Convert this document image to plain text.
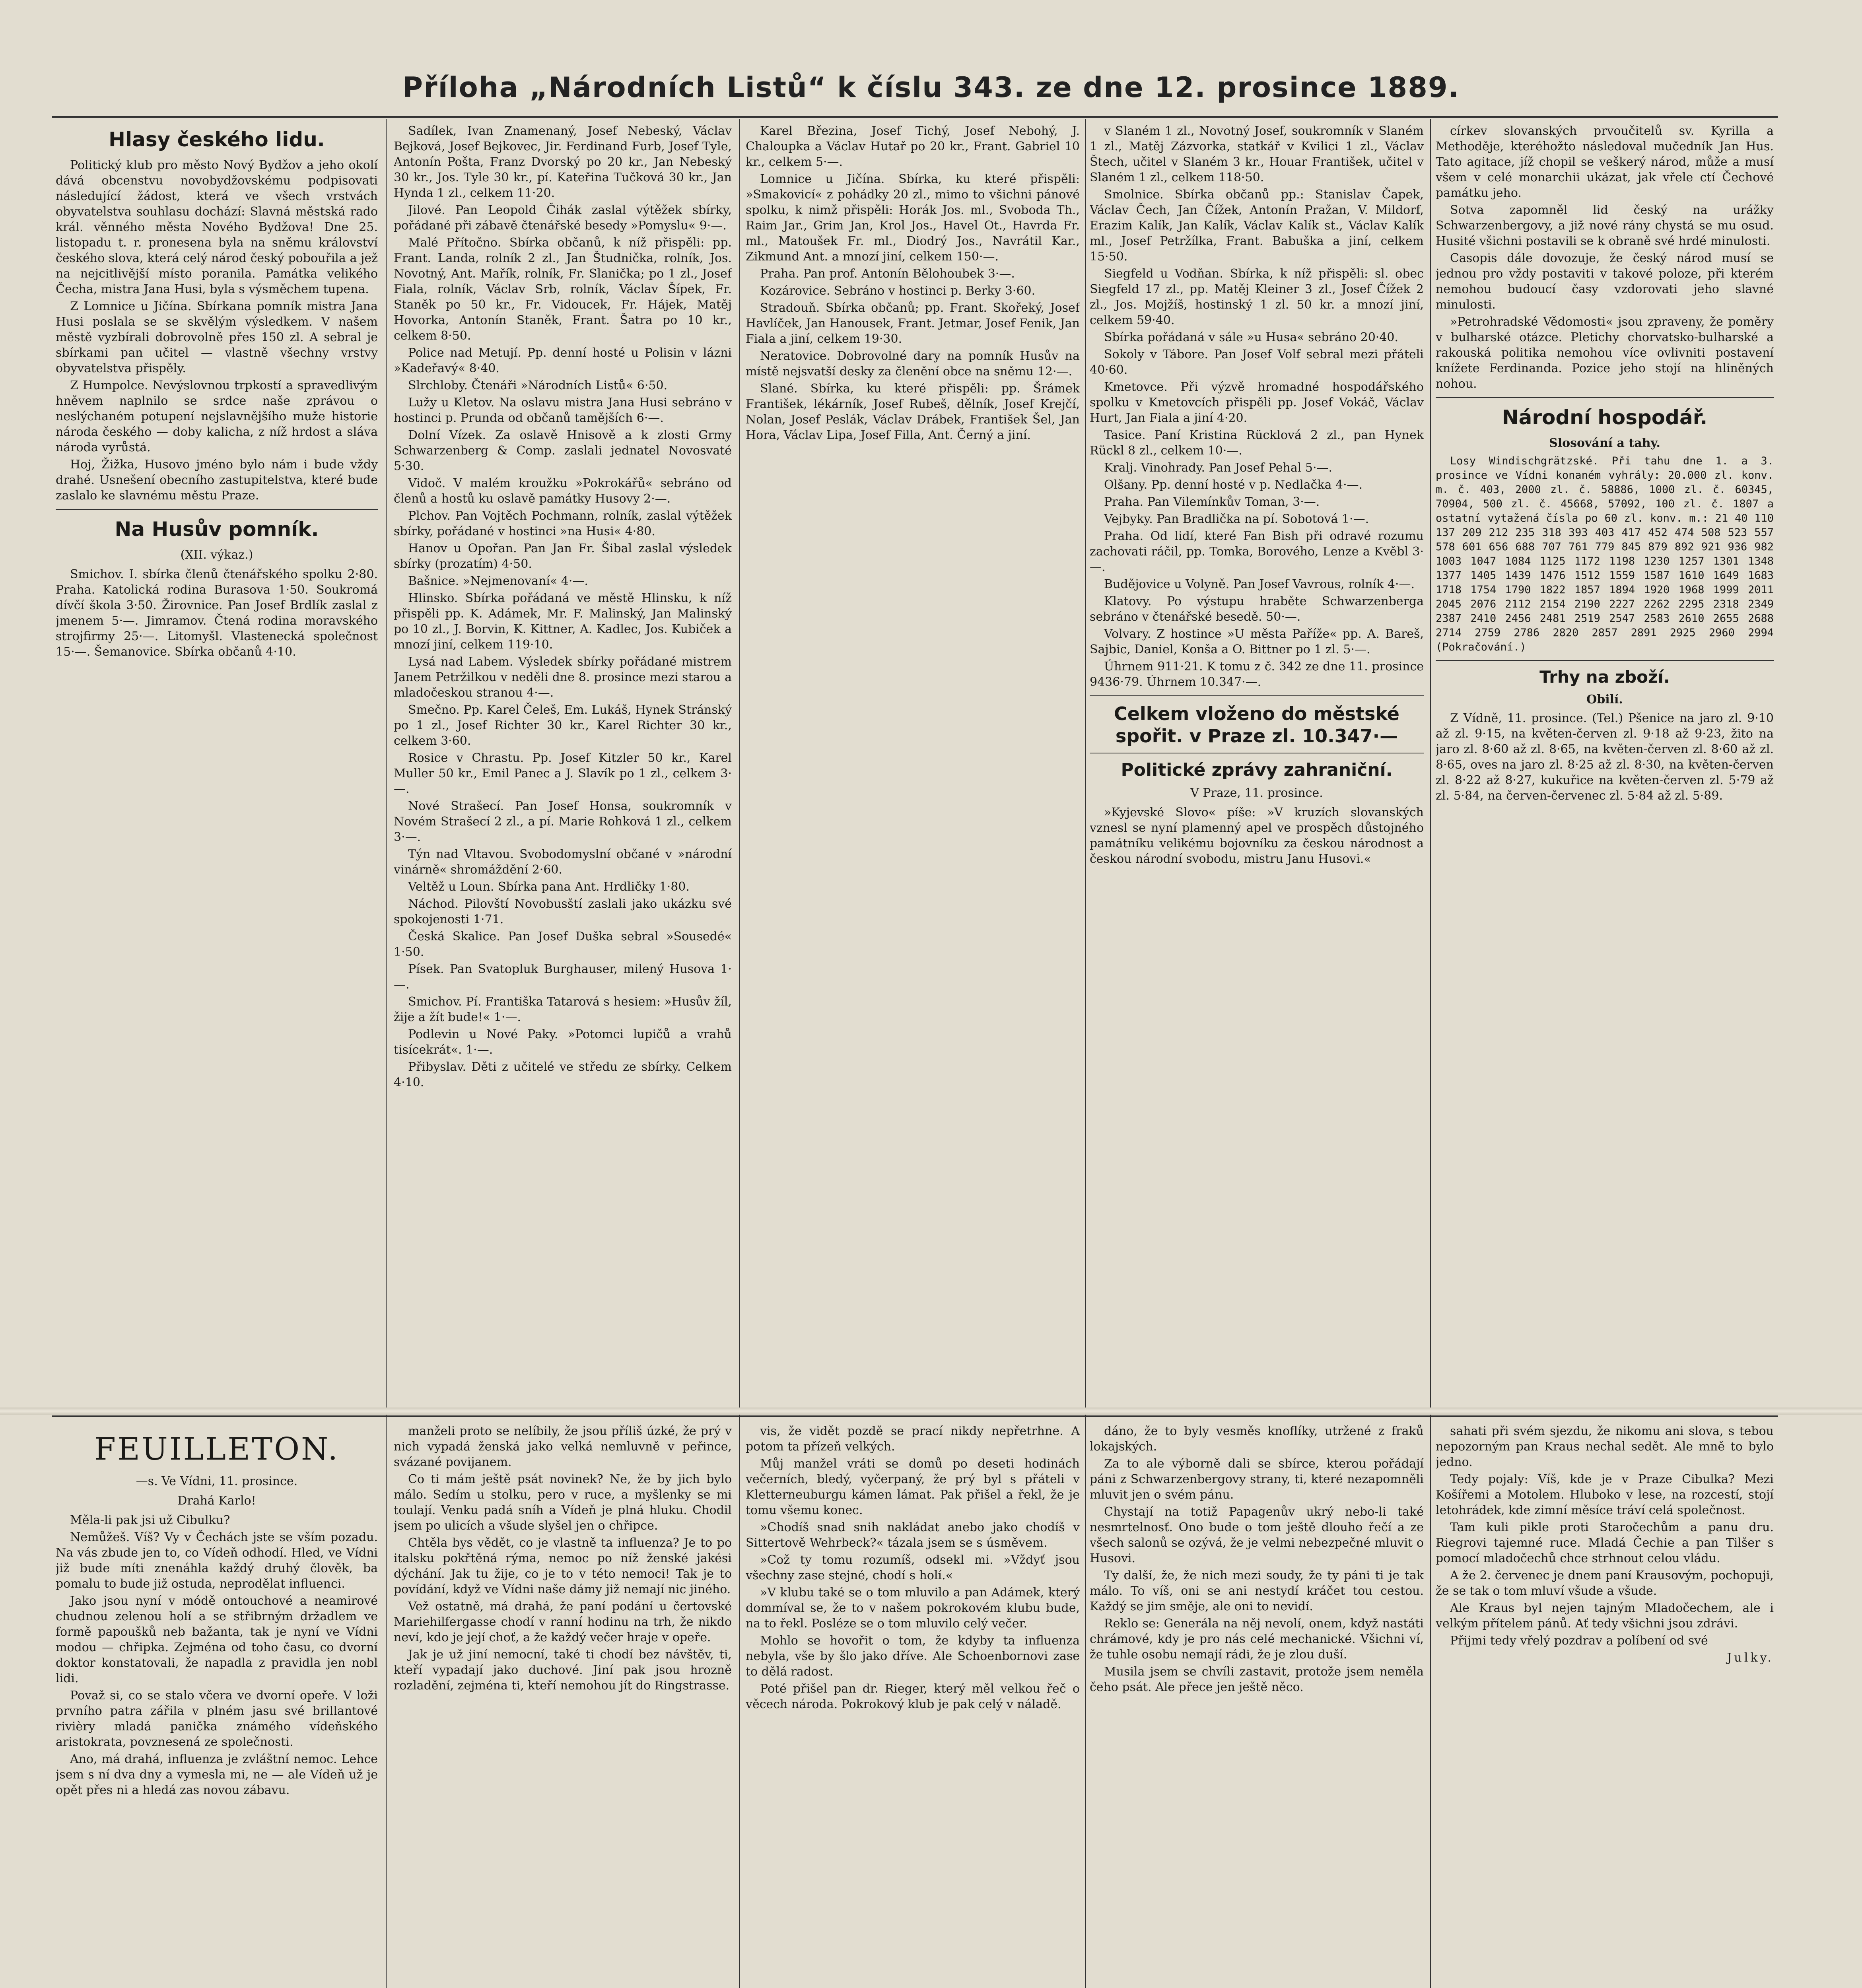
Příloha „Národních Listů“ k číslu 343. ze dne 12. prosince 1889.
Hlasy českého lidu.

Politický klub pro město Nový Bydžov a jeho okolí dává obcenstvu novobydžovskému podpisovati následující žádost, která ve všech vrstvách obyvatelstva souhlasu dochází: Slavná městská rado král. věnného města Nového Bydžova! Dne 25. listopadu t. r. pronesena byla na sněmu království českého slova, která celý národ český pobouřila a jež na nejcitlivější místo poranila. Památka velikého Čecha, mistra Jana Husi, byla s výsměchem tupena.

Z Lomnice u Jičína. Sbírkana pomník mistra Jana Husi poslala se se skvělým výsledkem. V našem městě vyzbírali dobrovolně přes 150 zl. A sebral je sbírkami pan učitel — vlastně všechny vrstvy obyvatelstva přispěly.

Z Humpolce. Nevýslovnou trpkostí a spravedlivým hněvem naplnilo se srdce naše zprávou o neslýchaném potupení nejslavnějšího muže historie národa českého — doby kalicha, z níž hrdost a sláva národa vyrůstá.

Hoj, Žižka, Husovo jméno bylo nám i bude vždy drahé. Usnešení obecního zastupitelstva, které bude zaslalo ke slavnému městu Praze.

Na Husův pomník.
(XII. výkaz.)

Smichov. I. sbírka členů čtenářského spolku 2·80. Praha. Katolická rodina Burasova 1·50. Soukromá dívčí škola 3·50. Žirovnice. Pan Josef Brdlík zaslal z jmenem 5·—. Jimramov. Čtená rodina moravského strojfirmy 25·—. Litomyšl. Vlastenecká společnost 15·—. Šemanovice. Sbírka občanů 4·10.

Sadílek, Ivan Znamenaný, Josef Nebeský, Václav Bejková, Josef Bejkovec, Jir. Ferdinand Furb, Josef Tyle, Antonín Pošta, Franz Dvorský po 20 kr., Jan Nebeský 30 kr., Jos. Tyle 30 kr., pí. Kateřina Tučková 30 kr., Jan Hynda 1 zl., celkem 11·20.

Jilové. Pan Leopold Čihák zaslal výtěžek sbírky, pořádané při zábavě čtenářské besedy »Pomyslu« 9·—.

Malé Přítočno. Sbírka občanů, k níž přispěli: pp. Frant. Landa, rolník 2 zl., Jan Študnička, rolník, Jos. Novotný, Ant. Mařík, rolník, Fr. Slanička; po 1 zl., Josef Fiala, rolník, Václav Srb, rolník, Václav Šípek, Fr. Staněk po 50 kr., Fr. Vidoucek, Fr. Hájek, Matěj Hovorka, Antonín Staněk, Frant. Šatra po 10 kr., celkem 8·50.

Police nad Metují. Pp. denní hosté u Polisin v lázni »Kadeřavý« 8·40.

Slrchloby. Čtenáři »Národních Listů« 6·50.

Lužy u Kletov. Na oslavu mistra Jana Husi sebráno v hostinci p. Prunda od občanů tamějších 6·—.

Dolní Vízek. Za oslavě Hnisově a k zlosti Grmy Schwarzenberg & Comp. zaslali jednatel Novosvaté 5·30.

Vidoč. V malém kroužku »Pokrokářů« sebráno od členů a hostů ku oslavě památky Husovy 2·—.

Plchov. Pan Vojtěch Pochmann, rolník, zaslal výtěžek sbírky, pořádané v hostinci »na Husi« 4·80.

Hanov u Opořan. Pan Jan Fr. Šibal zaslal výsledek sbírky (prozatím) 4·50.

Bašnice. »Nejmenovaní« 4·—.

Hlinsko. Sbírka pořádaná ve městě Hlinsku, k níž přispěli pp. K. Adámek, Mr. F. Malinský, Jan Malinský po 10 zl., J. Borvin, K. Kittner, A. Kadlec, Jos. Kubiček a mnozí jiní, celkem 119·10.

Lysá nad Labem. Výsledek sbírky pořádané mistrem Janem Petržilkou v neděli dne 8. prosince mezi starou a mladočeskou stranou 4·—.

Smečno. Pp. Karel Čeleš, Em. Lukáš, Hynek Stránský po 1 zl., Josef Richter 30 kr., Karel Richter 30 kr., celkem 3·60.

Rosice v Chrastu. Pp. Josef Kitzler 50 kr., Karel Muller 50 kr., Emil Panec a J. Slavík po 1 zl., celkem 3·—.

Nové Strašecí. Pan Josef Honsa, soukromník v Novém Strašecí 2 zl., a pí. Marie Rohková 1 zl., celkem 3·—.

Týn nad Vltavou. Svobodomyslní občané v »národní vinárně« shromáždění 2·60.

Veltěž u Loun. Sbírka pana Ant. Hrdličky 1·80.

Náchod. Pilovští Novobusští zaslali jako ukázku své spokojenosti 1·71.

Česká Skalice. Pan Josef Duška sebral »Sousedé« 1·50.

Písek. Pan Svatopluk Burghauser, milený Husova 1·—.

Smichov. Pí. Františka Tatarová s hesiem: »Husův žíl, žije a žít bude!« 1·—.

Podlevin u Nové Paky. »Potomci lupičů a vrahů tisícekrát«. 1·—.

Přibyslav. Děti z učitelé ve středu ze sbírky. Celkem 4·10.

Karel Březina, Josef Tichý, Josef Nebohý, J. Chaloupka a Václav Hutař po 20 kr., Frant. Gabriel 10 kr., celkem 5·—.

Lomnice u Jičína. Sbírka, ku které přispěli: »Smakovicí« z pohádky 20 zl., mimo to všichni pánové spolku, k nimž přispěli: Horák Jos. ml., Svoboda Th., Raim Jar., Grim Jan, Krol Jos., Havel Ot., Havrda Fr. ml., Matoušek Fr. ml., Diodrý Jos., Navrátil Kar., Zikmund Ant. a mnozí jiní, celkem 150·—.

Praha. Pan prof. Antonín Bělohoubek 3·—.

Kozárovice. Sebráno v hostinci p. Berky 3·60.

Stradouň. Sbírka občanů; pp. Frant. Skořeký, Josef Havlíček, Jan Hanousek, Frant. Jetmar, Josef Fenik, Jan Fiala a jiní, celkem 19·30.

Neratovice. Dobrovolné dary na pomník Husův na místě nejsvatší desky za členění obce na sněmu 12·—.

Slané. Sbírka, ku které přispěli: pp. Šrámek František, lékárník, Josef Rubeš, dělník, Josef Krejčí, Nolan, Josef Peslák, Václav Drábek, František Šel, Jan Hora, Václav Lipa, Josef Filla, Ant. Černý a jiní.

v Slaném 1 zl., Novotný Josef, soukromník v Slaném 1 zl., Matěj Zázvorka, statkář v Kvilici 1 zl., Václav Štech, učitel v Slaném 3 kr., Houar František, učitel v Slaném 1 zl., celkem 118·50.

Smolnice. Sbírka občanů pp.: Stanislav Čapek, Václav Čech, Jan Čížek, Antonín Pražan, V. Mildorf, Erazim Kalík, Jan Kalík, Václav Kalík st., Václav Kalík ml., Josef Petržílka, Frant. Babuška a jiní, celkem 15·50.

Siegfeld u Vodňan. Sbírka, k níž přispěli: sl. obec Siegfeld 17 zl., pp. Matěj Kleiner 3 zl., Josef Čížek 2 zl., Jos. Mojžíš, hostinský 1 zl. 50 kr. a mnozí jiní, celkem 59·40.

Sbírka pořádaná v sále »u Husa« sebráno 20·40.

Sokoly v Tábore. Pan Josef Volf sebral mezi přáteli 40·60.

Kmetovce. Při výzvě hromadné hospodářského spolku v Kmetovcích přispěli pp. Josef Vokáč, Václav Hurt, Jan Fiala a jiní 4·20.

Tasice. Paní Kristina Rücklová 2 zl., pan Hynek Rückl 8 zl., celkem 10·—.

Kralj. Vinohrady. Pan Josef Pehal 5·—.

Olšany. Pp. denní hosté v p. Nedlačka 4·—.

Praha. Pan Vilemínkův Toman, 3·—.

Vejbyky. Pan Bradlička na pí. Sobotová 1·—.

Praha. Od lidí, které Fan Bish při odravé rozumu zachovati ráčil, pp. Tomka, Borového, Lenze a Kvěbl 3·—.

Budějovice u Volyně. Pan Josef Vavrous, rolník 4·—.

Klatovy. Po výstupu hraběte Schwarzenberga sebráno v čtenářské besedě. 50·—.

Volvary. Z hostince »U města Paříže« pp. A. Bareš, Sajbic, Daniel, Konša a O. Bittner po 1 zl. 5·—.

Úhrnem 911·21. K tomu z č. 342 ze dne 11. prosince 9436·79. Úhrnem 10.347·—.

Celkem vloženo do městské spořit. v Praze zl. 10.347·—
Politické zprávy zahraniční.
V Praze, 11. prosince.

»Kyjevské Slovo« píše: »V kruzích slovanských vznesl se nyní plamenný apel ve prospěch důstojného památníku velikému bojovníku za českou národnost a českou národní svobodu, mistru Janu Husovi.«

církev slovanských prvoučitelů sv. Kyrilla a Methoděje, kteréhožto následoval mučedník Jan Hus. Tato agitace, jíž chopil se veškerý národ, může a musí všem v celé monarchii ukázat, jak vřele ctí Čechové památku jeho.

Sotva zapomněl lid český na urážky Schwarzenbergovy, a již nové rány chystá se mu osud. Husité všichni postavili se k obraně své hrdé minulosti.

Casopis dále dovozuje, že český národ musí se jednou pro vždy postaviti v takové poloze, při kterém nemohou budoucí časy vzdorovati jeho slavné minulosti.

»Petrohradské Vědomosti« jsou zpraveny, že poměry v bulharské otázce. Pletichy chorvatsko-bulharské a rakouská politika nemohou více ovlivniti postavení knížete Ferdinanda. Pozice jeho stojí na hliněných nohou.

Národní hospodář.
Slosování a tahy.

Losy Windischgrätzské. Při tahu dne 1. a 3. prosince ve Vídni konaném vyhrály: 20.000 zl. konv. m. č. 403, 2000 zl. č. 58886, 1000 zl. č. 60345, 70904, 500 zl. č. 45668, 57092, 100 zl. č. 1807 a ostatní vytažená čísla po 60 zl. konv. m.: 21 40 110 137 209 212 235 318 393 403 417 452 474 508 523 557 578 601 656 688 707 761 779 845 879 892 921 936 982 1003 1047 1084 1125 1172 1198 1230 1257 1301 1348 1377 1405 1439 1476 1512 1559 1587 1610 1649 1683 1718 1754 1790 1822 1857 1894 1920 1968 1999 2011 2045 2076 2112 2154 2190 2227 2262 2295 2318 2349 2387 2410 2456 2481 2519 2547 2583 2610 2655 2688 2714 2759 2786 2820 2857 2891 2925 2960 2994 (Pokračování.)

Trhy na zboží.
Obilí.

Z Vídně, 11. prosince. (Tel.) Pšenice na jaro zl. 9·10 až zl. 9·15, na květen-červen zl. 9·18 až 9·23, žito na jaro zl. 8·60 až zl. 8·65, na květen-červen zl. 8·60 až zl. 8·65, oves na jaro zl. 8·25 až zl. 8·30, na květen-červen zl. 8·22 až 8·27, kukuřice na květen-červen zl. 5·79 až zl. 5·84, na červen-červenec zl. 5·84 až zl. 5·89.

FEUILLETON.
—s. Ve Vídni, 11. prosince.
Drahá Karlo!

Měla-li pak jsi už Cibulku?

Nemůžeš. Víš? Vy v Čechách jste se vším pozadu. Na vás zbude jen to, co Vídeň odhodí. Hled, ve Vídni již bude míti znenáhla každý druhý člověk, ba pomalu to bude již ostuda, neprodělat influenci.

Jako jsou nyní v módě ontouchové a neamirové chudnou zelenou holí a se střibrným držadlem ve formě papoušků neb bažanta, tak je nyní ve Vídni modou — chřipka. Zejména od toho času, co dvorní doktor konstatovali, že napadla z pravidla jen nobl lidi.

Považ si, co se stalo včera ve dvorní opeře. V loži prvního patra zářila v plném jasu své brillantové rivièry mladá panička známého vídeňského aristokrata, povznesená ze společnosti.

Ano, má drahá, influenza je zvláštní nemoc. Lehce jsem s ní dva dny a vymesla mi, ne — ale Vídeň už je opět přes ni a hledá zas novou zábavu.

manželi proto se nelíbily, že jsou příliš úzké, že prý v nich vypadá ženská jako velká nemluvně v peřince, svázané povijanem.

Co ti mám ještě psát novinek? Ne, že by jich bylo málo. Sedím u stolku, pero v ruce, a myšlenky se mi toulají. Venku padá sníh a Vídeň je plná hluku. Chodil jsem po ulicích a všude slyšel jen o chřipce.

Chtěla bys vědět, co je vlastně ta influenza? Je to po italsku pokřtěná rýma, nemoc po níž ženské jakési dýchání. Jak tu žije, co je to v této nemoci! Tak je to povídání, když ve Vídni naše dámy již nemají nic jiného.

Vež ostatně, má drahá, že paní podání u čertovské Mariehilfergasse chodí v ranní hodinu na trh, že nikdo neví, kdo je její choť, a že každý večer hraje v opeře.

Jak je už jiní nemocní, také ti chodí bez návštěv, ti, kteří vypadají jako duchové. Jiní pak jsou hrozně rozladění, zejména ti, kteří nemohou jít do Ringstrasse.

vis, že vidět pozdě se prací nikdy nepřetrhne. A potom ta přízeň velkých.

Můj manžel vráti se domů po deseti hodinách večerních, bledý, vyčerpaný, že prý byl s přáteli v Kletterneuburgu kámen lámat. Pak přišel a řekl, že je tomu všemu konec.

»Chodíš snad snih nakládat anebo jako chodíš v Sittertově Wehrbeck?« tázala jsem se s úsměvem.

»Což ty tomu rozumíš, odsekl mi. »Vždyť jsou všechny zase stejné, chodí s holí.«

»V klubu také se o tom mluvilo a pan Adámek, který dommíval se, že to v našem pokrokovém klubu bude, na to řekl. Posléze se o tom mluvilo celý večer.

Mohlo se hovořit o tom, že kdyby ta influenza nebyla, vše by šlo jako dříve. Ale Schoenbornovi zase to dělá radost.

Poté přišel pan dr. Rieger, který měl velkou řeč o věcech národa. Pokrokový klub je pak celý v náladě.

dáno, že to byly vesměs knoflíky, utržené z fraků lokajských.

Za to ale výborně dali se sbírce, kterou pořádají páni z Schwarzenbergovy strany, ti, které nezapomněli mluvit jen o svém pánu.

Chystají na totiž Papagenův ukrý nebo-li také nesmrtelnosť. Ono bude o tom ještě dlouho řečí a ze všech salonů se ozývá, že je velmi nebezpečné mluvit o Husovi.

Ty další, že, že nich mezi soudy, že ty páni ti je tak málo. To víš, oni se ani nestydí kráčet tou cestou. Každý se jim směje, ale oni to nevidí.

Reklo se: Generála na něj nevolí, onem, když nastáti chrámové, kdy je pro nás celé mechanické. Všichni ví, že tuhle osobu nemají rádi, že je zlou duší.

Musila jsem se chvíli zastavit, protože jsem neměla čeho psát. Ale přece jen ještě něco.

sahati při svém sjezdu, že nikomu ani slova, s tebou nepozorným pan Kraus nechal sedět. Ale mně to bylo jedno.

Tedy pojaly: Víš, kde je v Praze Cibulka? Mezi Košířemi a Motolem. Hluboko v lese, na rozcestí, stojí letohrádek, kde zimní měsíce tráví celá společnost.

Tam kuli pikle proti Staročechům a panu dru. Riegrovi tajemné ruce. Mladá Čechie a pan Tilšer s pomocí mladočechů chce strhnout celou vládu.

A že 2. červenec je dnem paní Krausovým, pochopuji, že se tak o tom mluví všude a všude.

Ale Kraus byl nejen tajným Mladočechem, ale i velkým přítelem pánů. Ať tedy všichni jsou zdrávi.

Přijmi tedy vřelý pozdrav a políbení od své

Julky.
